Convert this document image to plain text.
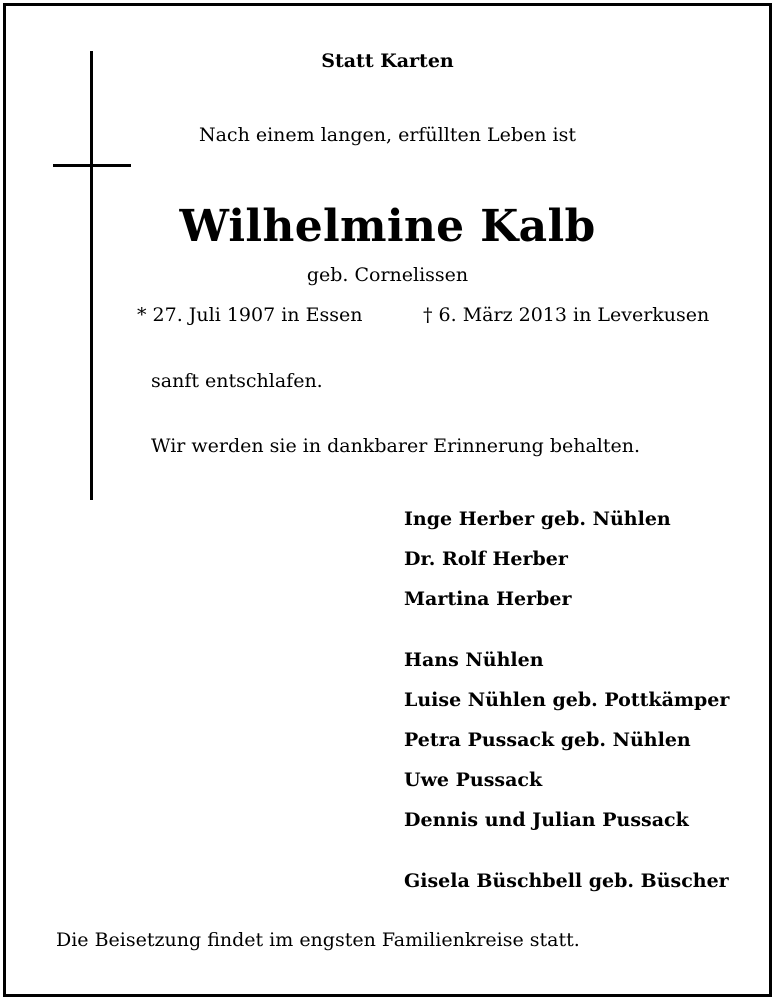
Statt Karten
Nach einem langen, erfüllten Leben ist
Wilhelmine Kalb
geb. Cornelissen
* 27. Juli 1907 in Essen	† 6. März 2013 in Leverkusen
sanft entschlafen.
Wir werden sie in dankbarer Erinnerung behalten.
Inge Herber geb. Nühlen
Dr. Rolf Herber
Martina Herber
Hans Nühlen
Luise Nühlen geb. Pottkämper
Petra Pussack geb. Nühlen
Uwe Pussack
Dennis und Julian Pussack
Gisela Büschbell geb. Büscher
Die Beisetzung findet im engsten Familienkreise statt.
